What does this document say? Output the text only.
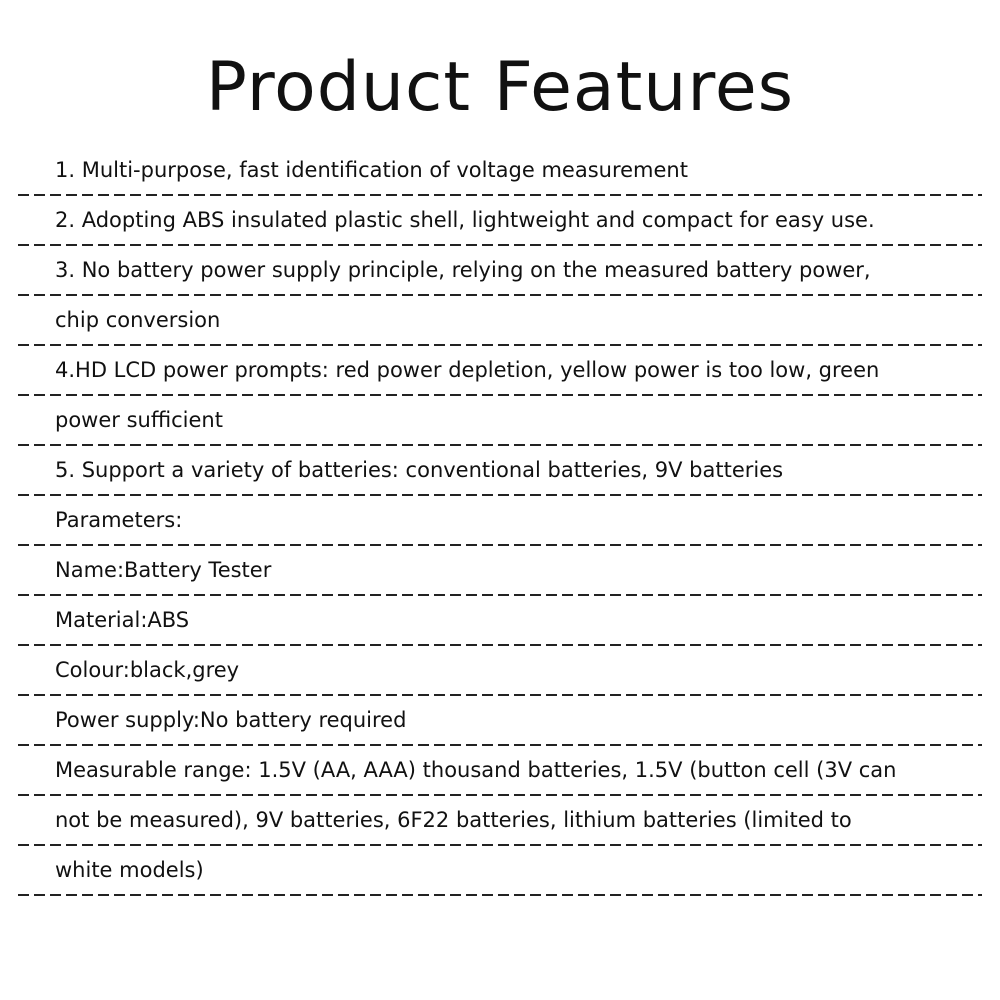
Product Features
1. Multi-purpose, fast identification of voltage measurement
2. Adopting ABS insulated plastic shell, lightweight and compact for easy use.
3. No battery power supply principle, relying on the measured battery power,
chip conversion
4.HD LCD power prompts: red power depletion, yellow power is too low, green
power sufficient
5. Support a variety of batteries: conventional batteries, 9V batteries
Parameters:
Name:Battery Tester
Material:ABS
Colour:black,grey
Power supply:No battery required
Measurable range: 1.5V (AA, AAA) thousand batteries, 1.5V (button cell (3V can
not be measured), 9V batteries, 6F22 batteries, lithium batteries (limited to
white models)
